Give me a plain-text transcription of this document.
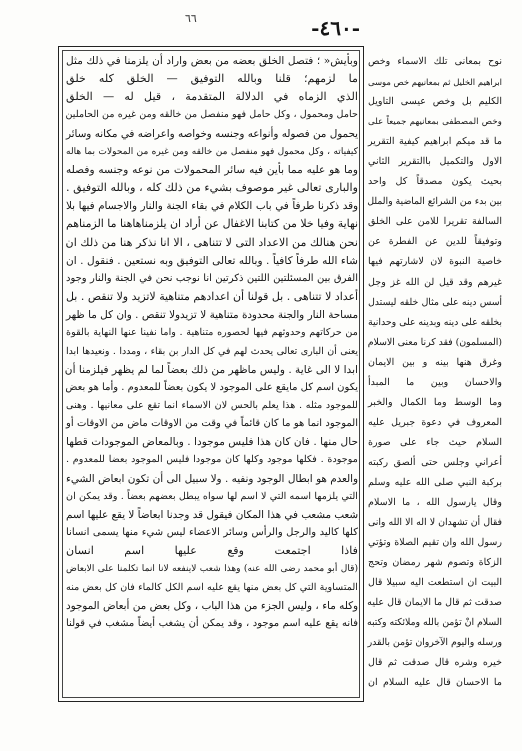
-٤٦٠-
٦٦
وبأيش« ؛ فتصل الخلق بعضه من بعض واراد أن يلزمنا في ذلك مثل
ما لزمهم؛ قلنا وبالله التوفيق — الخلق كله خلق
الذي الزماه في الدلالة المتقدمة ، قيل له — الخلق
حامل ومحمول ، وكل حامل فهو منفصل من خالقه ومن غيره من الحاملين
يحمول من فصوله وأنواعه وجنسه وخواصه واعراضه في مكانه وسائر
كيفياته ، وكل محمول فهو منفصل من خالقه ومن غيره من المحولات بما هاله
وما هو عليه مما بأين فيه سائر المحمولات من نوعه وجنسه وفصله
والبارى تعالى غير موصوف بشيء من ذلك كله ، وبالله التوفيق .
وقد ذكرنا طرفاً في باب الكلام في بقاء الجنة والنار والاجسام فيها بلا
نهاية وفيا خلا من كتابنا الاغفال عن أراد ان يلزمناهاهنا ما الزمناهم
نحن هنالك من الاعداد التى لا تتناهى ، الا انا نذكر هنا من ذلك ان
شاء الله طرفاً كافياً . وبالله تعالى التوفيق وبه نستعين . فنقول . ان
الفرق بين المسئلتين اللتين ذكرتين انا نوجب نحن في الجنة والنار وجود
أعداد لا تتناهى . بل قولنا أن اعدادهم متناهية لاتزيد ولا تنقص . بل
مساحة النار والجنة محدودة متناهية لا تزيدولا تنقص . وان كل ما ظهر
من حركاتهم وحدوثهم فيها لحصوره متناهية . واما نفينا عنها النهاية بالقوة
يعنى أن البارى تعالى يحدث لهم في كل الدار بن بقاء ، ومددا . ونعيدها ابدا
ابدا لا الى غاية . وليس ماظهر من ذلك بعضاً لما لم يظهر فيلزمنا أن
يكون اسم كل مايقع على الموجود لا يكون بعضاً للمعدوم . وأما هو بعض
للموجود مثله . هذا يعلم بالحس لان الاسماء انما تقع على معانيها . وهنى
الموجود انما هو ما كان قائماً في وقت من الاوقات ماض من الاوقات أو
حال منها . فان كان هذا فليس موجودا . وبالمعاض الموجودات قطها
موجودة . فكلها موجود وكلها كان موجودا فليس الموجود بعضا للمعدوم .
والعدم هو ابطال الوجود ونفيه . ولا سبيل الى أن تكون ابعاض الشيء
التي يلزمها اسمه التي لا اسم لها سواه يبطل بعضهم بعضاً . وقد يمكن ان
شعب مشعب في هذا المكان فيقول قد وجدنا ابعاضاً لا يقع عليها اسم
كلها كاليد والرجل والرأس وسائر الاعضاء ليس شيء منها يسمى انسانا
فاذا اجتمعت وقع عليها اسم انسان
(قال أبو محمد رضى الله عنه) وهذا شعب لاينفعه لانا انما تكلمنا على الابعاض
المتساوية التي كل بعض منها يقع عليه اسم الكل كالماء فان كل بعض منه
وكله ماء ، وليس الجزء من هذا الباب ، وكل بعض من أبعاض الموجود
فانه يقع عليه اسم موجود ، وقد يمكن أن يشغب أيضاً مشغب في قولنا
نوح بمعانى تلك الاسماء وخص
ابراهيم الخليل ثم بمعانيهم خص موسى
الكليم بل وخص عيسى التاويل
وخص المصطفى بمعانيهم جميعاً على
ما قد ميكم ابراهيم كيفية التقرير
الاول والتكميل باالتقرير الثاني
بحيث يكون مصدقاً كل واحد
بين بدء من الشرائع الماضية والملل
السالفة تقريرا للامن على الخلق
وتوفيقاً للدين عن الفطرة عن
خاصية النبوة لان لاشارتهم فيها
غيرهم وقد قيل لن الله غز وجل
أسس دينه على مثال خلقه ليستدل
بخلقه على دينه وبدينه على وحدانية
(المسلمون) فقد كرنا معنى الاسلام
وغرق هنها بينه و بين الايمان
والاحسان وبين ما المبدأ
وما الوسط وما الكمال والخبر
المعروف في دعوة جبريل عليه
السلام حيث جاء على صورة
أعراني وجلس حتى ألصق ركبته
بركبة النبي صلى الله عليه وسلم
وقال يارسول الله ، ما الاسلام
فقال أن تشهدان لا اله الا الله وانى
رسول الله وان تقيم الصلاة وتؤتي
الزكاة وتصوم شهر رمضان وتحج
البيت ان استطعت اليه سبيلا قال
صدقت ثم قال ما الايمان قال عليه
السلام انْ تؤمن بالله وملائكته وكتبه
ورسله واليوم الآخروان تؤمن بالقدر
خيره وشره قال صدقت ثم قال
ما الاحسان قال عليه السلام ان
